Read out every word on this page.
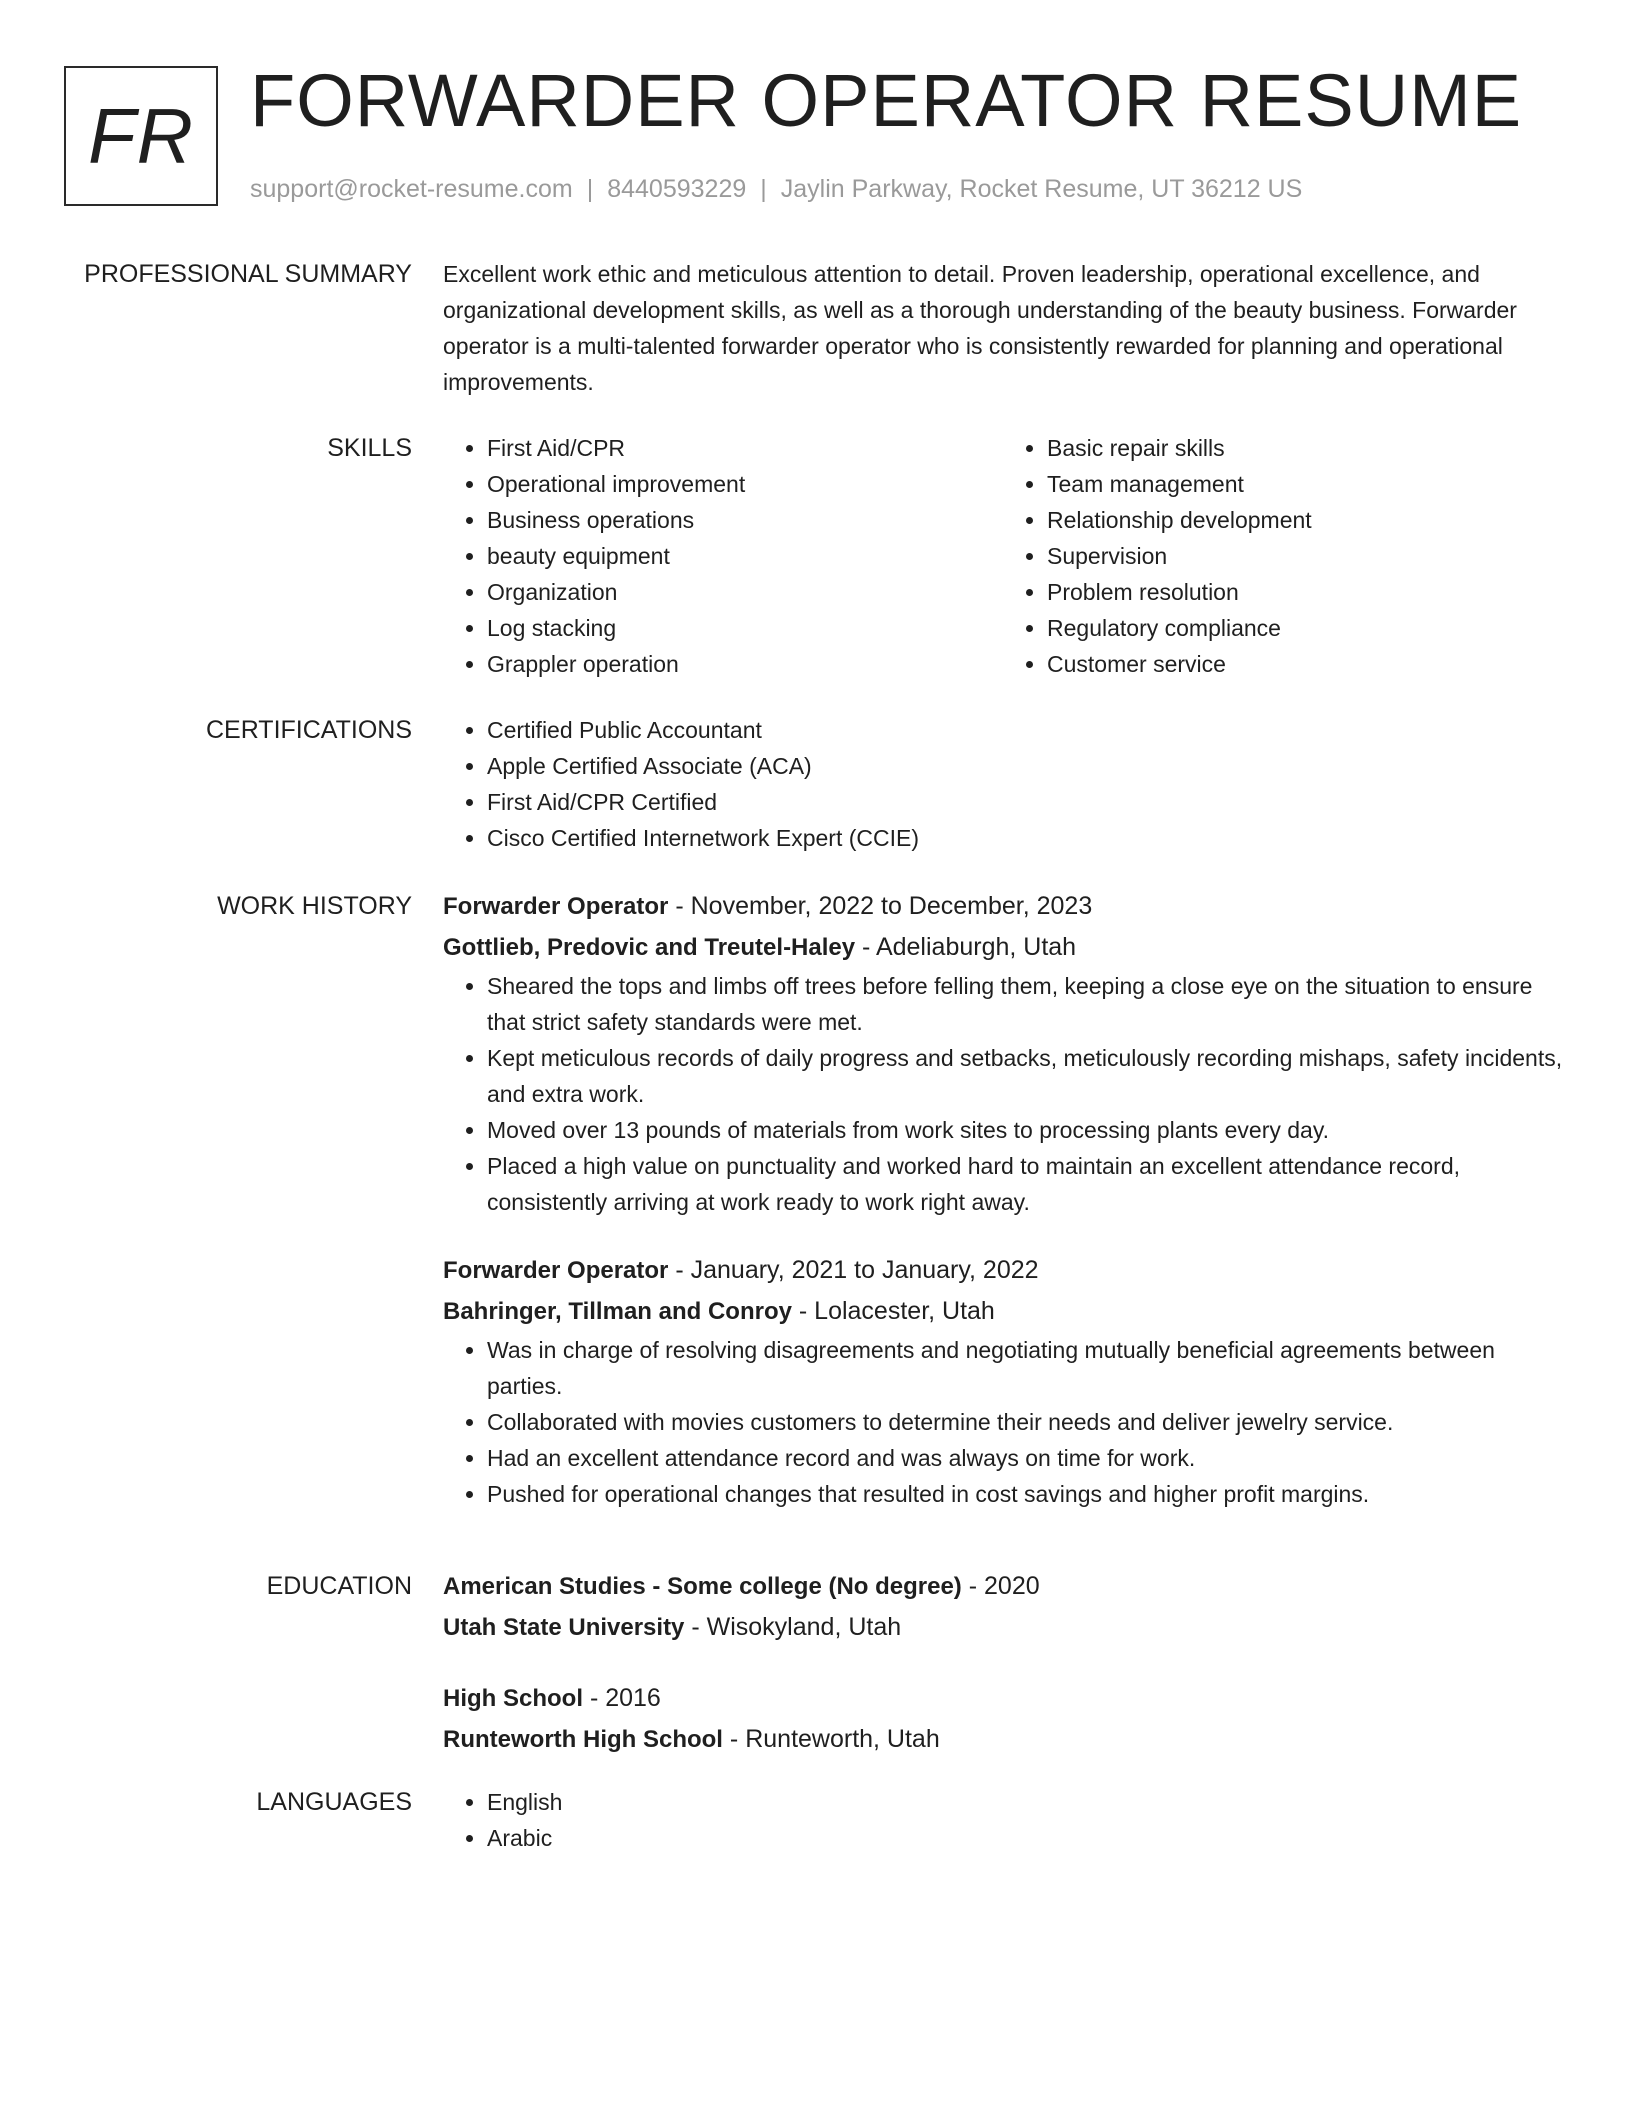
FR FORWARDER OPERATOR RESUME
support@rocket-resume.com | 8440593229 | Jaylin Parkway, Rocket Resume, UT 36212 US
PROFESSIONAL SUMMARY Excellent work ethic and meticulous attention to detail. Proven leadership, operational excellence, and organizational development skills, as well as a thorough understanding of the beauty business. Forwarder operator is a multi-talented forwarder operator who is consistently rewarded for planning and operational improvements.

SKILLS	• First Aid/CPR
• Operational improvement
• Business operations
• beauty equipment
• Organization
• Log stacking
• Grappler operation
• Basic repair skills
• Team management
• Relationship development
• Supervision
• Problem resolution
• Regulatory compliance
• Customer service
CERTIFICATIONS	• Certified Public Accountant
• Apple Certified Associate (ACA)
• First Aid/CPR Certified
• Cisco Certified Internetwork Expert (CCIE)
WORK HISTORY Forwarder Operator - November, 2022 to December, 2023
Gottlieb, Predovic and Treutel-Haley - Adeliaburgh, Utah
• Sheared the tops and limbs off trees before felling them, keeping a close eye on the situation to ensure that strict safety standards were met.
• Kept meticulous records of daily progress and setbacks, meticulously recording mishaps, safety incidents, and extra work.
• Moved over 13 pounds of materials from work sites to processing plants every day.
• Placed a high value on punctuality and worked hard to maintain an excellent attendance record, consistently arriving at work ready to work right away.
Forwarder Operator - January, 2021 to January, 2022
Bahringer, Tillman and Conroy - Lolacester, Utah
• Was in charge of resolving disagreements and negotiating mutually beneficial agreements between parties.
• Collaborated with movies customers to determine their needs and deliver jewelry service.
• Had an excellent attendance record and was always on time for work.
• Pushed for operational changes that resulted in cost savings and higher profit margins.
EDUCATION American Studies - Some college (No degree) - 2020
Utah State University - Wisokyland, Utah
High School - 2016
Runteworth High School - Runteworth, Utah
LANGUAGES	• English
• Arabic
